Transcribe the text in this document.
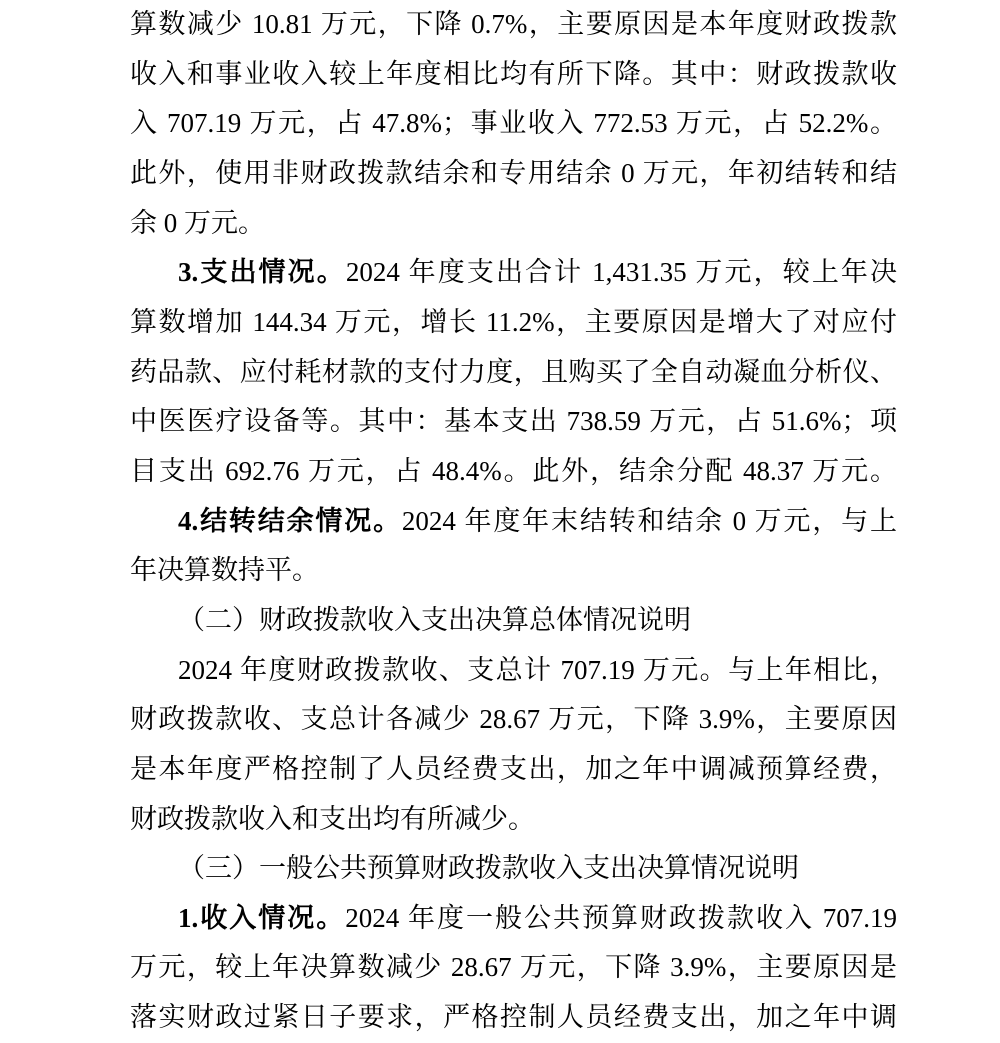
算数减少 10.81 万元，下降 0.7%，主要原因是本年度财政拨款
收入和事业收入较上年度相比均有所下降。其中：财政拨款收
入 707.19 万元，占 47.8%；事业收入 772.53 万元，占 52.2%。
此外，使用非财政拨款结余和专用结余 0 万元，年初结转和结
余 0 万元。
3.支出情况。2024 年度支出合计 1,431.35 万元，较上年决
算数增加 144.34 万元，增长 11.2%，主要原因是增大了对应付
药品款、应付耗材款的支付力度，且购买了全自动凝血分析仪、
中医医疗设备等。其中：基本支出 738.59 万元，占 51.6%；项
目支出 692.76 万元，占 48.4%。此外，结余分配 48.37 万元。
4.结转结余情况。2024 年度年末结转和结余 0 万元，与上
年决算数持平。
（二）财政拨款收入支出决算总体情况说明
2024 年度财政拨款收、支总计 707.19 万元。与上年相比，
财政拨款收、支总计各减少 28.67 万元，下降 3.9%，主要原因
是本年度严格控制了人员经费支出，加之年中调减预算经费，
财政拨款收入和支出均有所减少。
（三）一般公共预算财政拨款收入支出决算情况说明
1.收入情况。2024 年度一般公共预算财政拨款收入 707.19
万元，较上年决算数减少 28.67 万元，下降 3.9%，主要原因是
落实财政过紧日子要求，严格控制人员经费支出，加之年中调
